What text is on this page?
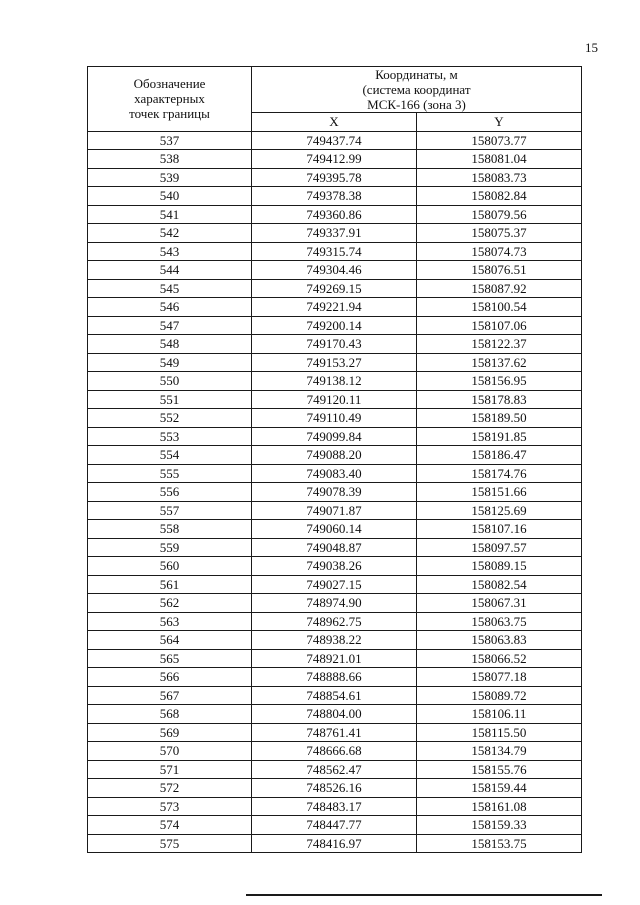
15
Обозначение
характерных
точек границы	Координаты, м
(система координат
МСК-166 (зона 3)	

	X	Y
537	749437.74	158073.77
538	749412.99	158081.04
539	749395.78	158083.73
540	749378.38	158082.84
541	749360.86	158079.56
542	749337.91	158075.37
543	749315.74	158074.73
544	749304.46	158076.51
545	749269.15	158087.92
546	749221.94	158100.54
547	749200.14	158107.06
548	749170.43	158122.37
549	749153.27	158137.62
550	749138.12	158156.95
551	749120.11	158178.83
552	749110.49	158189.50
553	749099.84	158191.85
554	749088.20	158186.47
555	749083.40	158174.76
556	749078.39	158151.66
557	749071.87	158125.69
558	749060.14	158107.16
559	749048.87	158097.57
560	749038.26	158089.15
561	749027.15	158082.54
562	748974.90	158067.31
563	748962.75	158063.75
564	748938.22	158063.83
565	748921.01	158066.52
566	748888.66	158077.18
567	748854.61	158089.72
568	748804.00	158106.11
569	748761.41	158115.50
570	748666.68	158134.79
571	748562.47	158155.76
572	748526.16	158159.44
573	748483.17	158161.08
574	748447.77	158159.33
575	748416.97	158153.75
